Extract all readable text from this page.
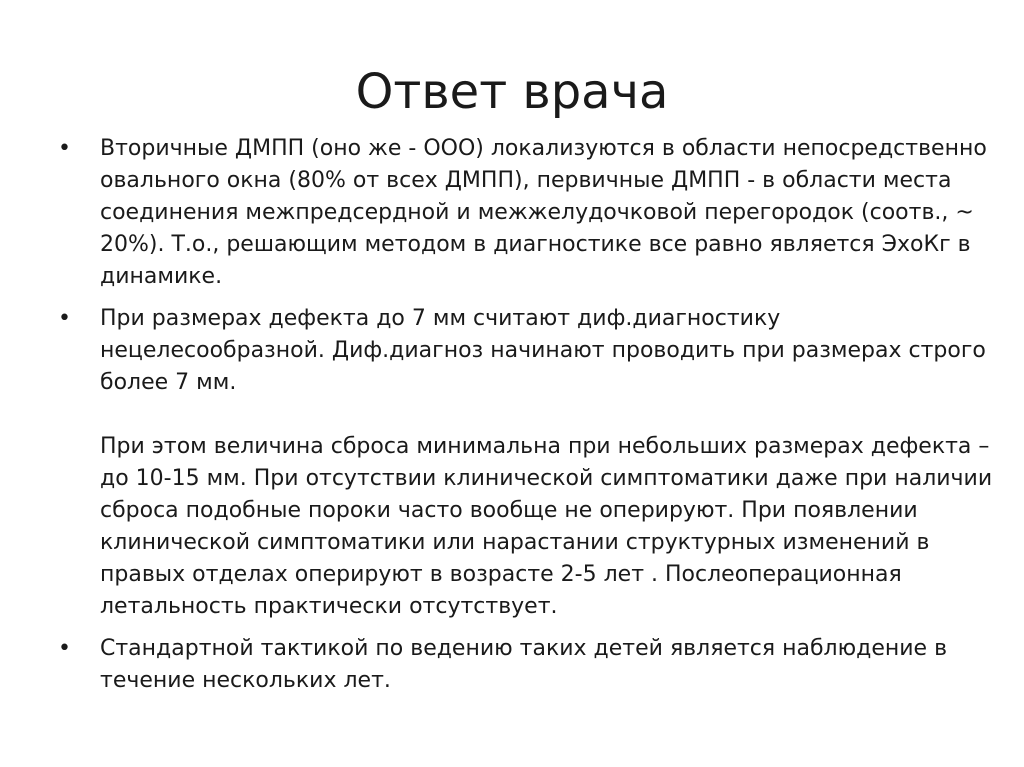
Ответ врача
•	Вторичные ДМПП (оно же - ООО) локализуются в области непосредственно овального окна (80% от всех ДМПП), первичные ДМПП - в области места соединения межпредсердной и межжелудочковой перегородок (соотв., ~ 20%). Т.о., решающим методом в диагностике все равно является ЭхоКг в динамике.
•	При размерах дефекта до 7 мм считают диф.диагностику нецелесообразной. Диф.диагноз начинают проводить при размерах строго более 7 мм.
При этом величина сброса минимальна при небольших размерах дефекта – до 10-15 мм. При отсутствии клинической симптоматики даже при наличии сброса подобные пороки часто вообще не оперируют. При появлении клинической симптоматики или нарастании структурных изменений в правых отделах оперируют в возрасте 2-5 лет . Послеоперационная летальность практически отсутствует.
•	Стандартной тактикой по ведению таких детей является наблюдение в течение нескольких лет.
